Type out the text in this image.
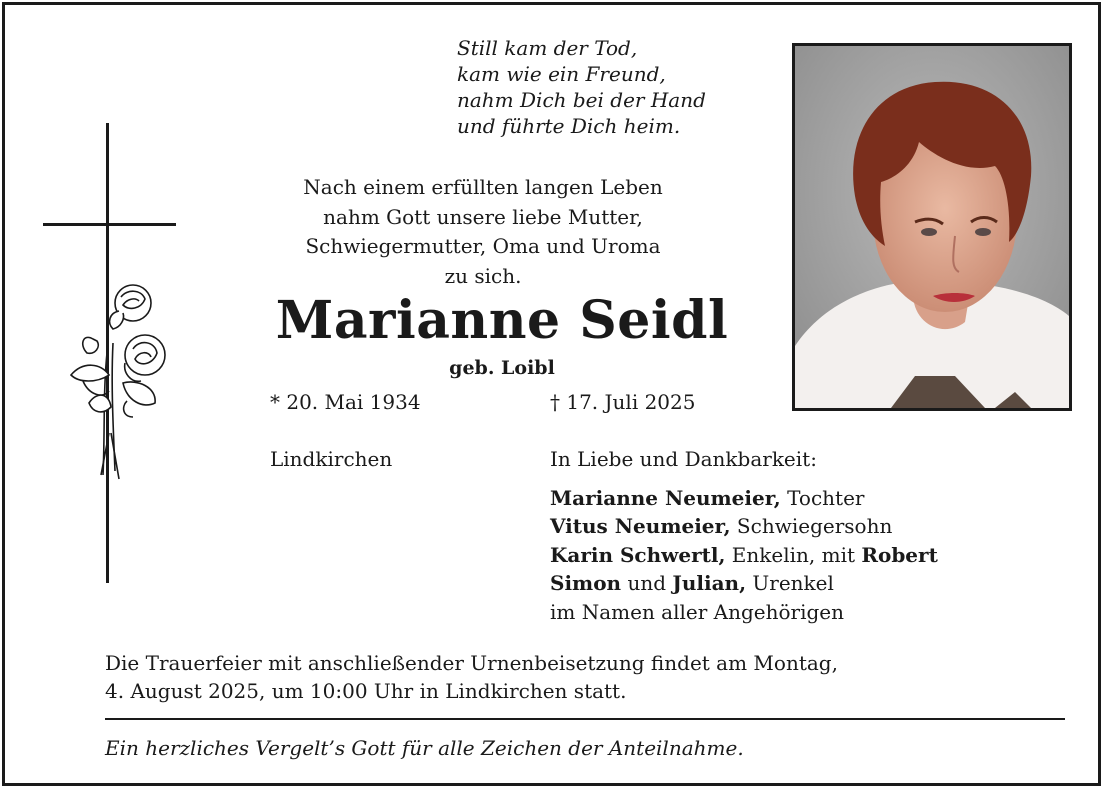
Still kam der Tod,
kam wie ein Freund,
nahm Dich bei der Hand
und führte Dich heim.
Nach einem erfüllten langen Leben
nahm Gott unsere liebe Mutter,
Schwiegermutter, Oma und Uroma
zu sich.
Marianne Seidl
geb. Loibl
* 20. Mai 1934	† 17. Juli 2025
Lindkirchen	In Liebe und Dankbarkeit:
Marianne Neumeier, Tochter
Vitus Neumeier, Schwiegersohn
Karin Schwertl, Enkelin, mit Robert
Simon und Julian, Urenkel
im Namen aller Angehörigen
Die Trauerfeier mit anschließender Urnenbeisetzung findet am Montag,
4. August 2025, um 10:00 Uhr in Lindkirchen statt.
Ein herzliches Vergelt’s Gott für alle Zeichen der Anteilnahme.
